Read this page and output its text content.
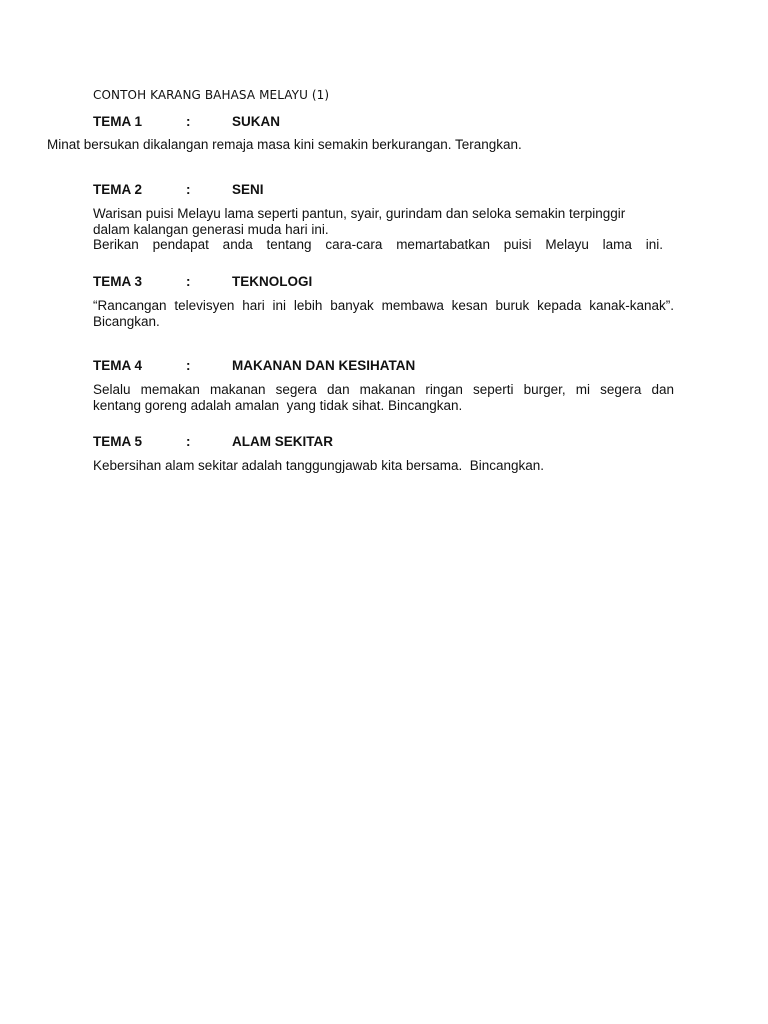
CONTOH KARANG BAHASA MELAYU (1)
TEMA 1	:	SUKAN
Minat bersukan dikalangan remaja masa kini semakin berkurangan. Terangkan.
TEMA 2	:	SENI
Warisan puisi Melayu lama seperti pantun, syair, gurindam dan seloka semakin terpinggir
dalam kalangan generasi muda hari ini.
Berikan pendapat anda tentang cara-cara memartabatkan puisi Melayu lama ini.
TEMA 3	:	TEKNOLOGI
“Rancangan televisyen hari ini lebih banyak membawa kesan buruk kepada kanak-kanak”.
Bicangkan.
TEMA 4	:	MAKANAN DAN KESIHATAN
Selalu memakan makanan segera dan makanan ringan seperti burger, mi segera dan
kentang goreng adalah amalan  yang tidak sihat. Bincangkan.
TEMA 5	:	ALAM SEKITAR
Kebersihan alam sekitar adalah tanggungjawab kita bersama.  Bincangkan.
